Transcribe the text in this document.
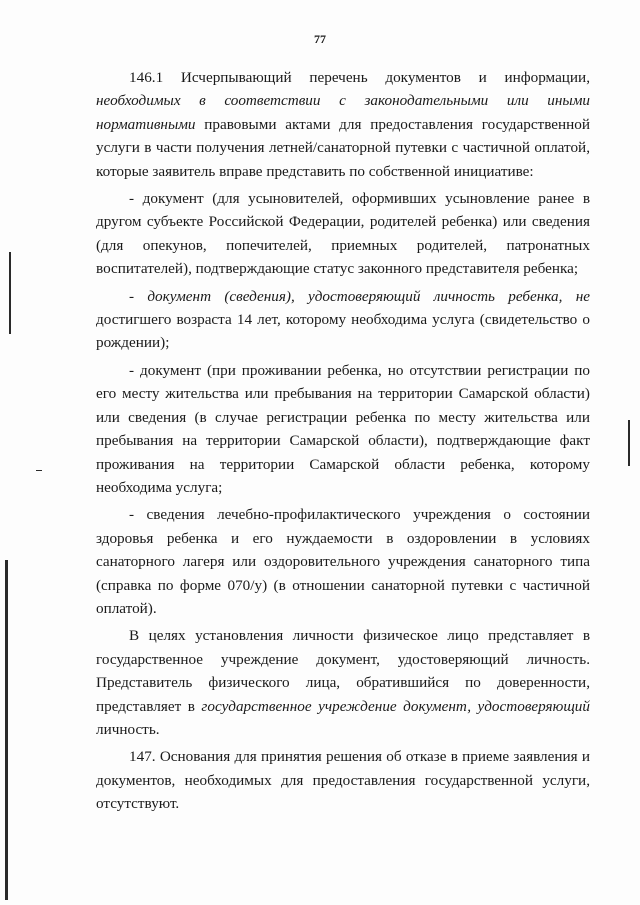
77

146.1 Исчерпывающий перечень документов и информации, необходимых в соответствии с законодательными или иными нормативными правовыми актами для предоставления государственной услуги в части получения летней/санаторной путевки с частичной оплатой, которые заявитель вправе представить по собственной инициативе:

- документ (для усыновителей, оформивших усыновление ранее в другом субъекте Российской Федерации, родителей ребенка) или сведения (для опекунов, попечителей, приемных родителей, патронатных воспитателей), подтверждающие статус законного представителя ребенка;

- документ (сведения), удостоверяющий личность ребенка, не достигшего возраста 14 лет, которому необходима услуга (свидетельство о рождении);

- документ (при проживании ребенка, но отсутствии регистрации по его месту жительства или пребывания на территории Самарской области) или сведения (в случае регистрации ребенка по месту жительства или пребывания на территории Самарской области), подтверждающие факт проживания на территории Самарской области ребенка, которому необходима услуга;

- сведения лечебно-профилактического учреждения о состоянии здоровья ребенка и его нуждаемости в оздоровлении в условиях санаторного лагеря или оздоровительного учреждения санаторного типа (справка по форме 070/у) (в отношении санаторной путевки с частичной оплатой).

В целях установления личности физическое лицо представляет в государственное учреждение документ, удостоверяющий личность. Представитель физического лица, обратившийся по доверенности, представляет в государственное учреждение документ, удостоверяющий личность.

147. Основания для принятия решения об отказе в приеме заявления и документов, необходимых для предоставления государственной услуги, отсутствуют.
